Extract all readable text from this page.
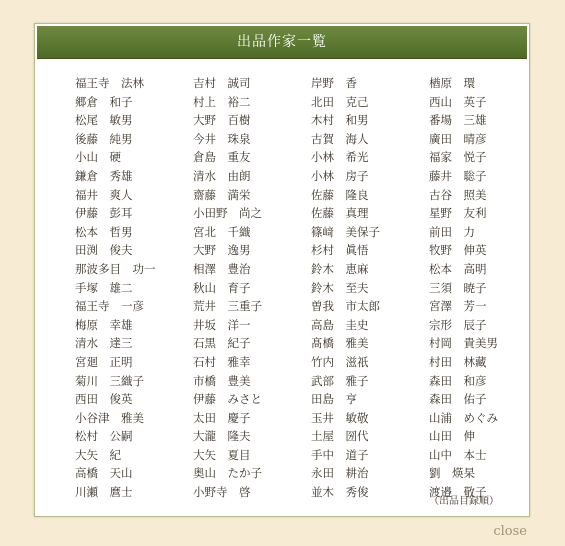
出品作家一覧
福王寺　法林
郷倉　和子
松尾　敏男
後藤　純男
小山　硬
鎌倉　秀雄
福井　爽人
伊藤　彭耳
松本　哲男
田渕　俊夫
那波多目　功一
手塚　雄二
福王寺　一彦
梅原　幸雄
清水　達三
宮廻　正明
菊川　三織子
西田　俊英
小谷津　雅美
松村　公嗣
大矢　紀
高橋　天山
川瀬　麿士
吉村　誠司
村上　裕二
大野　百樹
今井　珠泉
倉島　重友
清水　由朗
齋藤　満栄
小田野　尚之
宮北　千織
大野　逸男
相澤　豊治
秋山　育子
荒井　三重子
井坂　洋一
石黒　紀子
石村　雅幸
市橋　豊美
伊藤　みさと
太田　慶子
大瀧　隆夫
大矢　夏目
奥山　たか子
小野寺　啓
岸野　香
北田　克己
木村　和男
古賀　海人
小林　希光
小林　房子
佐藤　隆良
佐藤　真理
篠﨑　美保子
杉村　眞悟
鈴木　恵麻
鈴木　至夫
曽我　市太郎
高島　圭史
髙橋　雅美
竹内　滋祇
武部　雅子
田島　亨
玉井　敏敬
土屋　圀代
手中　道子
永田　耕治
並木　秀俊
楢原　環
西山　英子
番場　三雄
廣田　晴彦
福家　悦子
藤井　聡子
古谷　照美
星野　友利
前田　力
牧野　伸英
松本　高明
三須　暁子
宮澤　芳一
宗形　辰子
村岡　貴美男
村田　林藏
森田　和彦
森田　佑子
山浦　めぐみ
山田　伸
山中　本士
劉　煐杲
渡邉　敬子
（出品目録順）
close
